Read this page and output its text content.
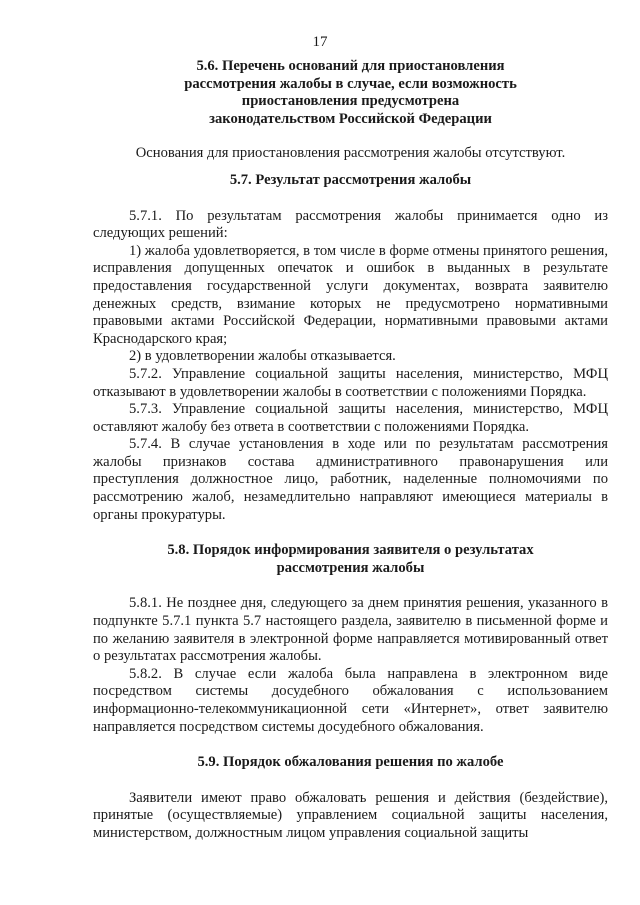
17
5.6. Перечень оснований для приостановления
рассмотрения жалобы в случае, если возможность
приостановления предусмотрена
законодательством Российской Федерации

Основания для приостановления рассмотрения жалобы отсутствуют.

5.7. Результат рассмотрения жалобы

5.7.1. По результатам рассмотрения жалобы принимается одно из следующих решений:

1) жалоба удовлетворяется, в том числе в форме отмены принятого решения, исправления допущенных опечаток и ошибок в выданных в результате предоставления государственной услуги документах, возврата заявителю денежных средств, взимание которых не предусмотрено нормативными правовыми актами Российской Федерации, нормативными правовыми актами Краснодарского края;

2) в удовлетворении жалобы отказывается.

5.7.2. Управление социальной защиты населения, министерство, МФЦ отказывают в удовлетворении жалобы в соответствии с положениями Порядка.

5.7.3. Управление социальной защиты населения, министерство, МФЦ оставляют жалобу без ответа в соответствии с положениями Порядка.

5.7.4. В случае установления в ходе или по результатам рассмотрения жалобы признаков состава административного правонарушения или преступления должностное лицо, работник, наделенные полномочиями по рассмотрению жалоб, незамедлительно направляют имеющиеся материалы в органы прокуратуры.

5.8. Порядок информирования заявителя о результатах
рассмотрения жалобы

5.8.1. Не позднее дня, следующего за днем принятия решения, указанного в подпункте 5.7.1 пункта 5.7 настоящего раздела, заявителю в письменной форме и по желанию заявителя в электронной форме направляется мотивированный ответ о результатах рассмотрения жалобы.

5.8.2. В случае если жалоба была направлена в электронном виде посредством системы досудебного обжалования с использованием информационно-телекоммуникационной сети «Интернет», ответ заявителю направляется посредством системы досудебного обжалования.

5.9. Порядок обжалования решения по жалобе

Заявители имеют право обжаловать решения и действия (бездействие), принятые (осуществляемые) управлением социальной защиты населения, министерством, должностным лицом управления социальной защиты
